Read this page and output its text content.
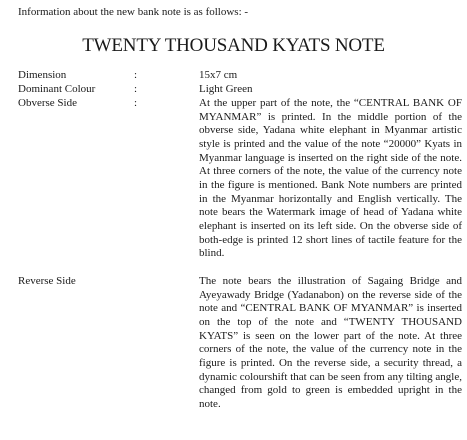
Information about the new bank note is as follows: -
TWENTY THOUSAND KYATS NOTE
Dimension	:	15x7 cm
Dominant Colour	:	Light Green
Obverse Side	:	At the upper part of the note, the “CENTRAL BANK OF MYANMAR” is printed. In the middle portion of the obverse side, Yadana white elephant in Myanmar artistic style is printed and the value of the note “20000” Kyats in Myanmar language is inserted on the right side of the note. At three corners of the note, the value of the currency note in the figure is mentioned. Bank Note numbers are printed in the Myanmar horizontally and English vertically. The note bears the Watermark image of head of Yadana white elephant is inserted on its left side. On the obverse side of both-edge is printed 12 short lines of tactile feature for the blind.

Reverse Side	The note bears the illustration of Sagaing Bridge and Ayeyawady Bridge (Yadanabon) on the reverse side of the note and “CENTRAL BANK OF MYANMAR” is inserted on the top of the note and “TWENTY THOUSAND KYATS” is seen on the lower part of the note. At three corners of the note, the value of the currency note in the figure is printed. On the reverse side, a security thread, a dynamic colourshift that can be seen from any tilting angle, changed from gold to green is embedded upright in the note.
